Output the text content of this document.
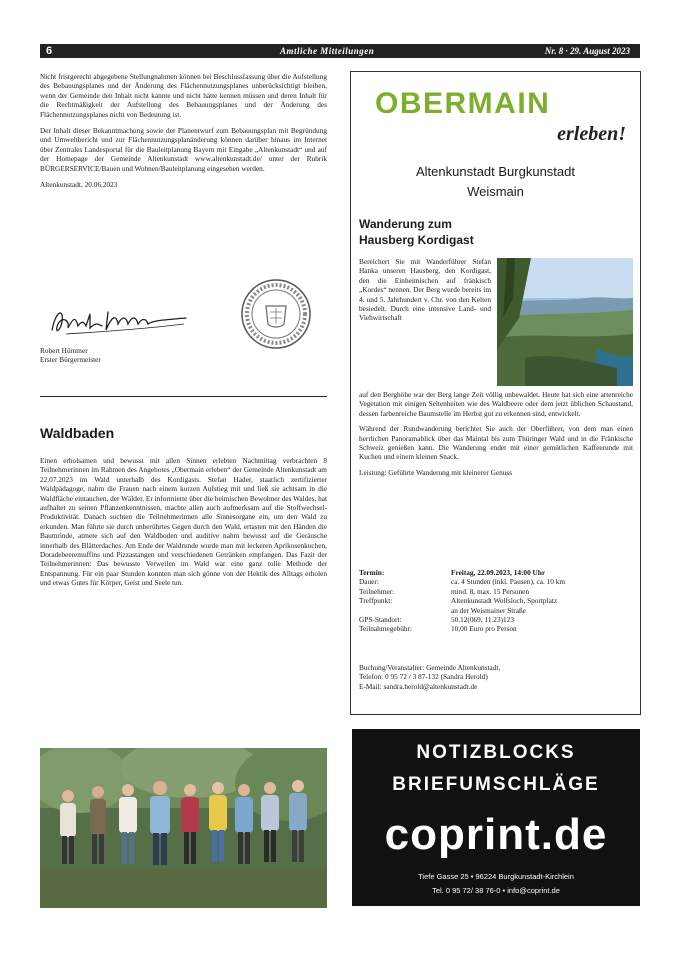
6	Amtliche Mitteilungen	Nr. 8 · 29. August 2023

Nicht fristgerecht abgegebene Stellungnahmen können bei Beschlussfassung über die Aufstellung des Bebauungsplanes und der Änderung des Flächennutzungsplanes unberücksichtigt bleiben, wenn der Gemeinde den Inhalt nicht kannte und nicht hätte kennen müssen und deren Inhalt für die Rechtmäßigkeit der Aufstellung des Bebauungsplanes und der Änderung des Flächennutzungsplanes nicht von Bedeutung ist.

Der Inhalt dieser Bekanntmachung sowie der Planentwurf zum Bebauungsplan mit Begründung und Umweltbericht und zur Flächennutzungsplanänderung können darüber hinaus im Internet über Zentrales Landesportal für die Bauleitplanung Bayern mit Eingabe „Altenkunstadt“ und auf der Homepage der Gemeinde Altenkunstadt www.altenkunstadt.de/ unter der Rubrik BÜRGERSERVICE/Bauen und Wohnen/Bauleitplanung eingesehen werden.

Altenkunstadt, 20.06.2023

Robert Hümmer
Erster Bürgermeister
Waldbaden

Einen erholsamen und bewusst mit allen Sinnen erlebten Nachmittag verbrachten 8 Teilnehmerinnen im Rahmen des Angebotes „Obermain erleben“ der Gemeinde Altenkunstadt am 22.07.2023 im Wald unterhalb des Kordigasts. Stefan Hader, staatlich zertifizierter Waldpädagoge, nahm die Frauen nach einem kurzen Aufstieg mit und ließ sie achtsam in die Waldfläche eintauchen, der Wälder. Er informierte über die heimischen Bewohner des Waldes, hat aufhaltet zu seinen Pflanzenkenntnissen, machte allen auch aufmerksam auf die Stoffwechsel-Produktivität. Danach suchten die Teilnehmerinnen alle Sinnesorgane ein, um den Wald zu erkunden. Man führte sie durch unberührtes Gegen durch den Wald, ertasten mit den Händen die Baumrinde, atmete sich auf den Waldboden und auditive nahm bewusst auf die Geräusche innerhalb des Blätterdaches. Am Ende der Waldrunde wurde man mit leckeren Aprikosenkuchen, Doradebeeremuffins und Pizzastangen und verschiedenen Getränken empfangen. Das Fazit der Teilnehmerinnen: Das bewusste Verweilen im Wald war eine ganz tolle Methode der Entspannung. Für ein paar Stunden konnten man sich gönne von der Hektik des Alltags erholen und etwas Gutes für Körper, Geist und Seele tun.

OBERMAIN
erleben!
Altenkunstadt Burgkunstadt
Weismain
Wanderung zum
Hausberg Kordigast

Bereichert Sie mit Wanderführer Stefan Hanka unseren Hausberg, den Kordigast, den die Einheimischen auf fränkisch „Kordes“ nennen. Der Berg wurde bereits im 4. und 5. Jahrhundert v. Chr. von den Kelten besiedelt. Durch eine intensive Land- und Viehwirtschaft

auf den Berghöhe war der Berg lange Zeit völlig unbewaldet. Heute hat sich eine artenreiche Vegetation mit einigen Seltenheiten wie des Waldbeere oder dem jetzt üblichen Schaustand, dessen farbenreiche Baumstelle im Herbst gut zu erkennen sind, entwickelt.

Während der Rundwanderung berichtet Sie auch der Oberführer, von dem man einen herrlichen Panoramablick über das Maintal bis zum Thüringer Wald und in die Fränkische Schweiz genießen kann. Die Wanderung endet mit einer gemütlichen Kaffeerunde mit Kuchen und einem kleinen Snack.

Leistung: Geführte Wanderung mit kleinerer Genuss

Termin:	Freitag, 22.09.2023, 14:00 Uhr
Dauer:	ca. 4 Stunden (inkl. Pausen), ca. 10 km
Teilnehmer:	mind. 8, max. 15 Personen
Treffpunkt:	Altenkunstadt Wolfsloch, Sportplatz
an der Weismainer Straße
GPS-Standort:	50.12(069, 11.23)123
Teilnahmegebühr:	10,00 Euro pro Person
Buchung/Veranstalter: Gemeinde Altenkunstadt,
Telefon: 0 95 72 / 3 87-132 (Sandra Herold)
E-Mail: sandra.herold@altenkunstadt.de
NOTIZBLOCKS
BRIEFUMSCHLÄGE
coprint.de
Tiefe Gasse 25 • 96224 Burgkunstadt-Kirchlein
Tel. 0 95 72/ 38 76-0 • info@coprint.de
